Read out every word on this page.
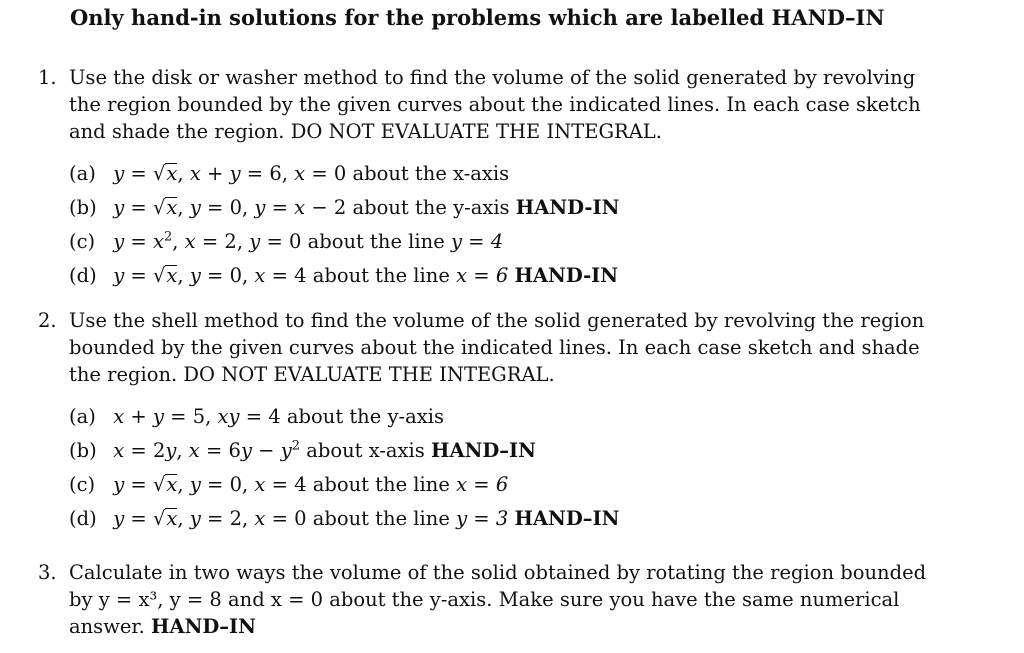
Only hand-in solutions for the problems which are labelled HAND–IN
1. Use the disk or washer method to find the volume of the solid generated by revolving
the region bounded by the given curves about the indicated lines. In each case sketch
and shade the region. DO NOT EVALUATE THE INTEGRAL.
(a) y = √x, x + y = 6, x = 0 about the x-axis
(b) y = √x, y = 0, y = x − 2 about the y-axis HAND-IN
(c) $y = x^2$, x = 2, y = 0 about the line y = 4
(d) y = √x, y = 0, x = 4 about the line x = 6 HAND-IN
2. Use the shell method to find the volume of the solid generated by revolving the region
bounded by the given curves about the indicated lines. In each case sketch and shade
the region. DO NOT EVALUATE THE INTEGRAL.
(a) x + y = 5, xy = 4 about the y-axis
(b) x = 2y, $x = 6y - y^2$ about x-axis HAND–IN
(c) y = √x, y = 0, x = 4 about the line x = 6
(d) y = √x, y = 2, x = 0 about the line y = 3 HAND–IN
3. Calculate in two ways the volume of the solid obtained by rotating the region bounded
by y = x³, y = 8 and x = 0 about the y-axis. Make sure you have the same numerical
answer. HAND–IN
